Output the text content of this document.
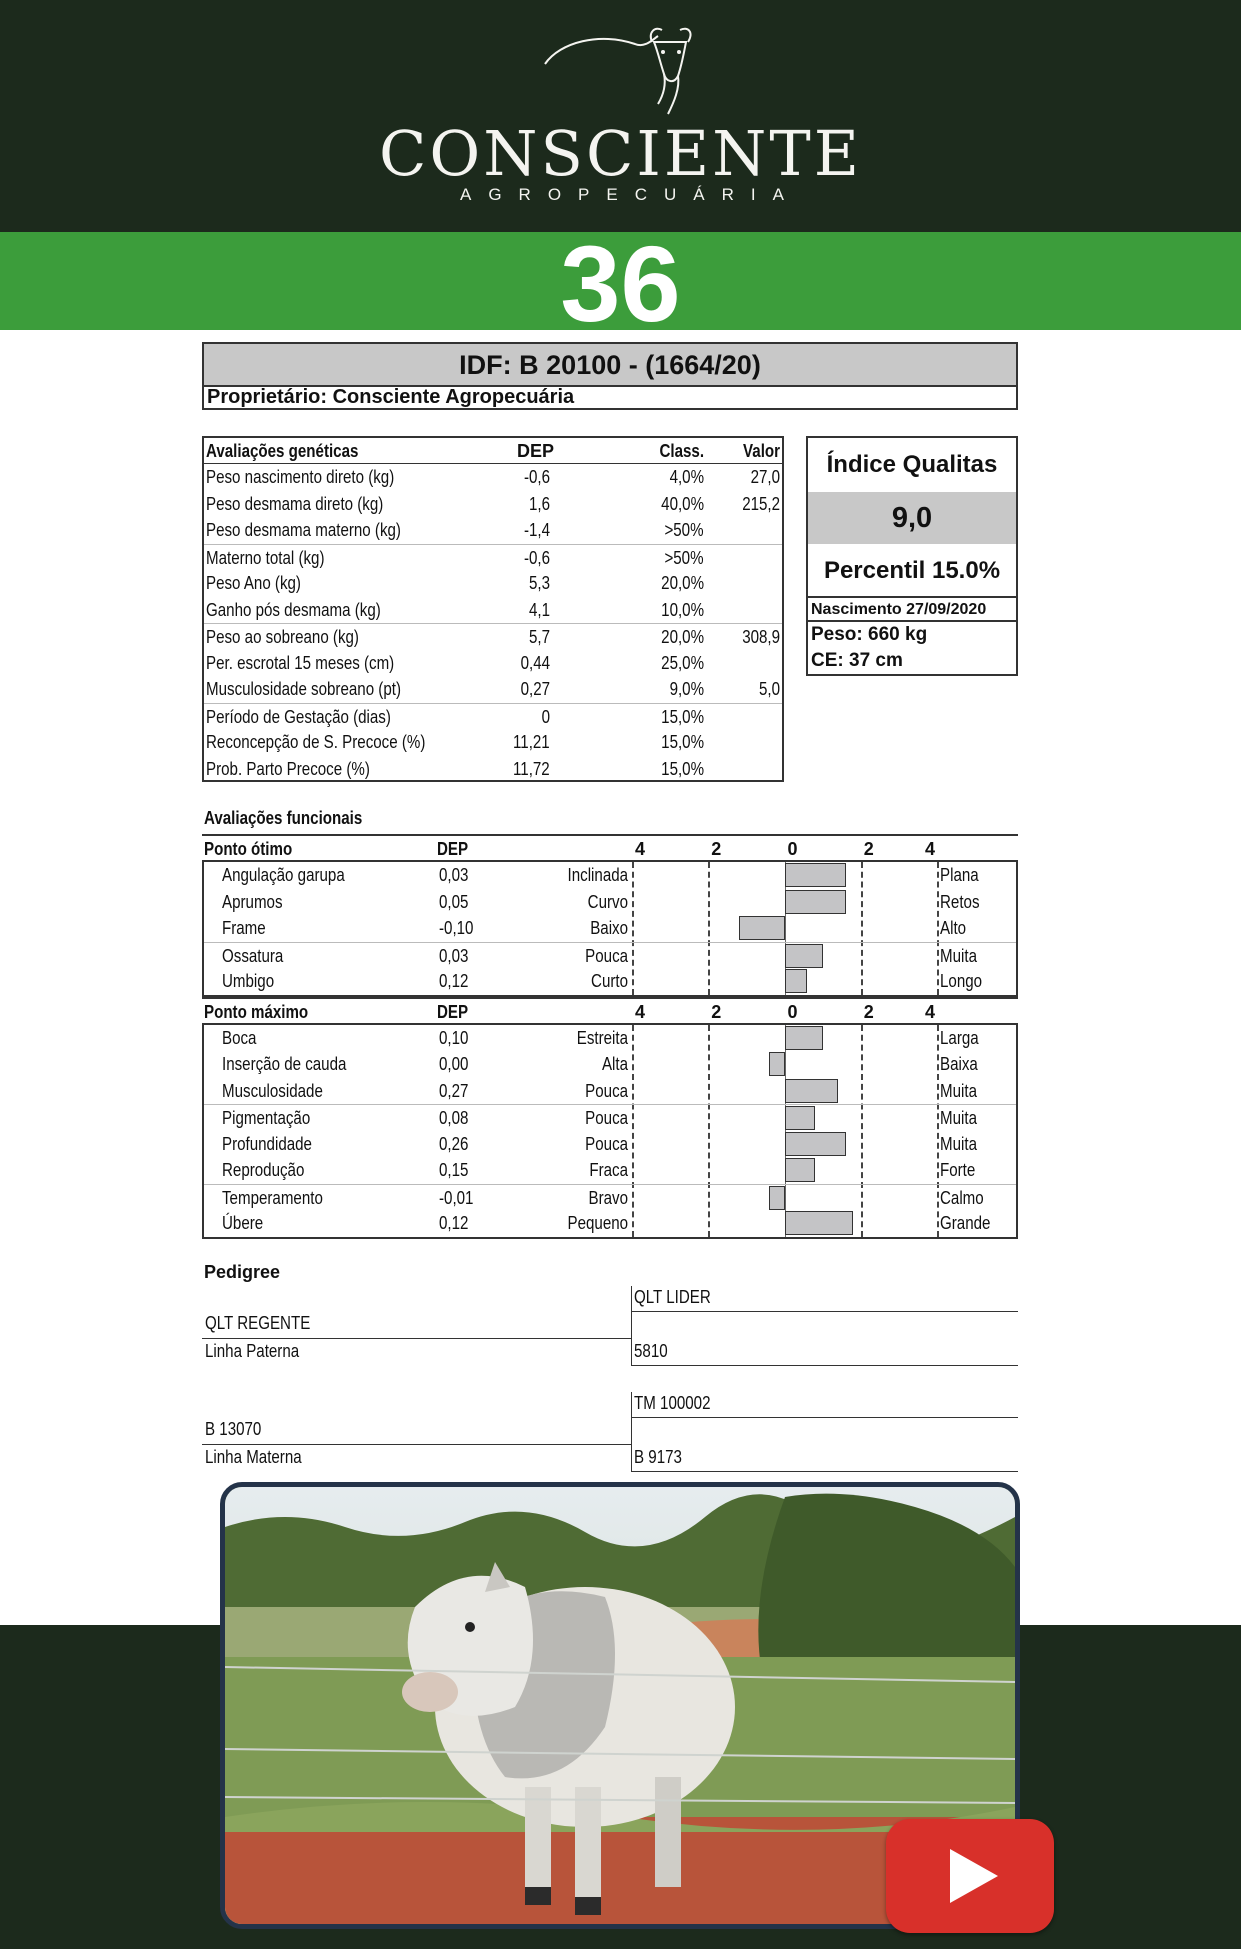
CONSCIENTE
AGROPECUÁRIA
36
IDF: B 20100 - (1664/20)
Proprietário: Consciente Agropecuária
Avaliações genéticas	DEP	Class.	Valor
Peso nascimento direto (kg)	-0,6	4,0%	27,0
Peso desmama direto (kg)	1,6	40,0%	215,2
Peso desmama materno (kg)	-1,4	>50%
Materno total (kg)	-0,6	>50%
Peso Ano (kg)	5,3	20,0%
Ganho pós desmama (kg)	4,1	10,0%
Peso ao sobreano (kg)	5,7	20,0%	308,9
Per. escrotal 15 meses (cm)	0,44	25,0%
Musculosidade sobreano (pt)	0,27	9,0%	5,0
Período de Gestação (dias)	0	15,0%
Reconcepção de S. Precoce (%)	11,21	15,0%
Prob. Parto Precoce (%)	11,72	15,0%
Índice Qualitas
9,0
Percentil 15.0%
Nascimento 27/09/2020
Peso: 660 kg
CE: 37 cm
Avaliações funcionais
Ponto ótimo	DEP	4	2	0	2	4
Angulação garupa	0,03	Inclinada	Plana
Aprumos	0,05	Curvo	Retos
Frame	-0,10	Baixo	Alto
Ossatura	0,03	Pouca	Muita
Umbigo	0,12	Curto	Longo
Ponto máximo	DEP	4	2	0	2	4
Boca	0,10	Estreita	Larga
Inserção de cauda	0,00	Alta	Baixa
Musculosidade	0,27	Pouca	Muita
Pigmentação	0,08	Pouca	Muita
Profundidade	0,26	Pouca	Muita
Reprodução	0,15	Fraca	Forte
Temperamento	-0,01	Bravo	Calmo
Úbere	0,12	Pequeno	Grande
Pedigree
QLT LIDER
QLT REGENTE
Linha Paterna	5810
TM 100002
B 13070
Linha Materna	B 9173
